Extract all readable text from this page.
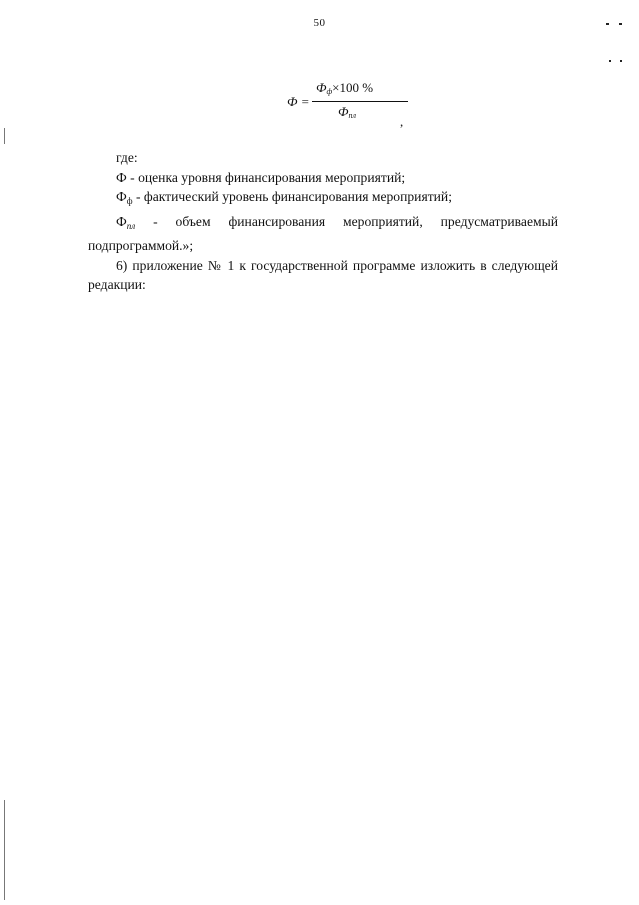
50
Ф =
$Ф_ф\times 100$ %
$Ф_{пл}$	,

где:

Ф - оценка уровня финансирования мероприятий;

$Ф_ф$ - фактический уровень финансирования мероприятий;

$Ф_{пл}$ - объем финансирования мероприятий, предусматриваемый подпрограммой.»;

6) приложение № 1 к государственной программе изложить в следующей редакции:
